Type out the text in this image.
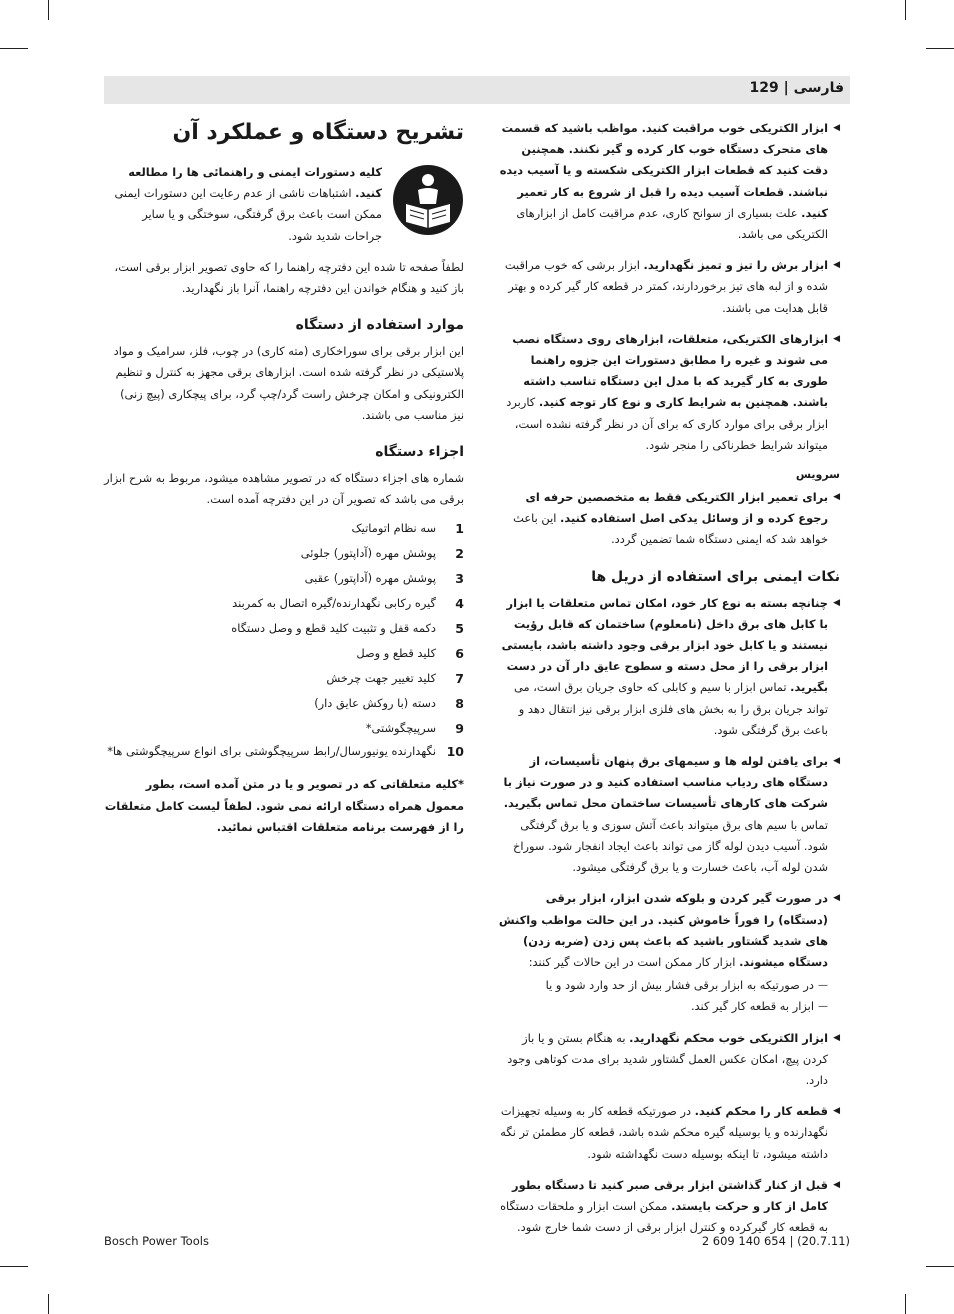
فارسی | 129

◀ ابزار الکتریکی خوب مراقبت کنید. مواظب باشید که قسمت های متحرک دستگاه خوب کار کرده و گیر نکنند. همچنین دقت کنید که قطعات ابزار الکتریکی شکسته و یا آسیب دیده نباشند. قطعات آسیب دیده را قبل از شروع به کار تعمیر کنید. علت بسیاری از سوانح کاری، عدم مراقبت کامل از ابزارهای الکتریکی می باشد.

◀ ابزار برش را تیز و تمیز نگهدارید. ابزار برشی که خوب مراقبت شده و از لبه های تیز برخوردارند، کمتر در قطعه کار گیر کرده و بهتر قابل هدایت می باشند.

◀ ابزارهای الکتریکی، متعلقات، ابزارهای روی دستگاه نصب می شوند و غیره را مطابق دستورات این جزوه راهنما طوری به کار گیرید که با مدل این دستگاه تناسب داشته باشند. همچنین به شرایط کاری و نوع کار توجه کنید. کاربرد ابزار برقی برای موارد کاری که برای آن در نظر گرفته نشده است، میتواند شرایط خطرناکی را منجر شود.

سرویس

◀ برای تعمیر ابزار الکتریکی فقط به متخصصین حرفه ای رجوع کرده و از وسائل یدکی اصل استفاده کنید. این باعث خواهد شد که ایمنی دستگاه شما تضمین گردد.

نکات ایمنی برای استفاده از دریل ها

◀ چنانچه بسته به نوع کار خود، امکان تماس متعلقات یا ابزار با کابل های برق داخل (نامعلوم) ساختمان که قابل رؤیت نیستند و یا کابل خود ابزار برقی وجود داشته باشد، بایستی ابزار برقی را از محل دسته و سطوح عایق دار آن در دست بگیرید. تماس ابزار با سیم و کابلی که حاوی جریان برق است، می تواند جریان برق را به بخش های فلزی ابزار برقی نیز انتقال دهد و باعث برق گرفتگی شود.

◀ برای یافتن لوله ها و سیمهای برق پنهان تأسیسات، از دستگاه های ردیاب مناسب استفاده کنید و در صورت نیاز با شرکت های کارهای تأسیسات ساختمان محل تماس بگیرید. تماس با سیم های برق میتواند باعث آتش سوزی و یا برق گرفتگی شود. آسیب دیدن لوله گاز می تواند باعث ایجاد انفجار شود. سوراخ شدن لوله آب، باعث خسارت و یا برق گرفتگی میشود.

◀ در صورت گیر کردن و بلوکه شدن ابزار، ابزار برقی (دستگاه) را فوراً خاموش کنید. در این حالت مواظب واکنش های شدید گشتاور باشید که باعث پس زدن (ضربه زدن) دستگاه میشوند. ابزار کار ممکن است در این حالات گیر کنند:

— در صورتیکه به ابزار برقی فشار بیش از حد وارد شود و یا

— ابزار به قطعه کار گیر کند.

◀ ابزار الکتریکی خوب محکم نگهدارید. به هنگام بستن و یا باز کردن پیچ، امکان عکس العمل گشتاور شدید برای مدت کوتاهی وجود دارد.

◀ قطعه کار را محکم کنید. در صورتیکه قطعه کار به وسیله تجهیزات نگهدارنده و یا بوسیله گیره محکم شده باشد، قطعه کار مطمئن تر نگه داشته میشود، تا اینکه بوسیله دست نگهداشته شود.

◀ قبل از کنار گذاشتن ابزار برقی صبر کنید تا دستگاه بطور کامل از کار و حرکت بایستد. ممکن است ابزار و ملحقات دستگاه به قطعه کار گیرکرده و کنترل ابزار برقی از دست شما خارج شود.

تشریح دستگاه و عملکرد آن

کلیه دستورات ایمنی و راهنمائی ها را مطالعه کنید. اشتباهات ناشی از عدم رعایت این دستورات ایمنی ممکن است باعث برق گرفتگی، سوختگی و یا سایر جراحات شدید شود.

لطفاً صفحه تا شده این دفترچه راهنما را که حاوی تصویر ابزار برقی است، باز کنید و هنگام خواندن این دفترچه راهنما، آنرا باز نگهدارید.

موارد استفاده از دستگاه

این ابزار برقی برای سوراخکاری (مته کاری) در چوب، فلز، سرامیک و مواد پلاستیکی در نظر گرفته شده است. ابزارهای برقی مجهز به کنترل و تنظیم الکترونیکی و امکان چرخش راست گرد/چپ گرد، برای پیچکاری (پیچ زنی) نیز مناسب می باشند.

اجزاء دستگاه

شماره های اجزاء دستگاه که در تصویر مشاهده میشود، مربوط به شرح ابزار برقی می باشد که تصویر آن در این دفترچه آمده است.

1
سه نظام اتوماتیک
2
پوشش مهره (آداپتور) جلوئی
3
پوشش مهره (آداپتور) عقبی
4
گیره رکابی نگهدارنده/گیره اتصال به کمربند
5
دکمه قفل و تثبیت کلید قطع و وصل دستگاه
6
کلید قطع و وصل
7
کلید تغییر جهت چرخش
8
دسته (با روکش عایق دار)
9
سرپیچگوشتی*
10
نگهدارنده یونیورسال/رابط سرپیچگوشتی برای انواع سرپیچگوشتی ها*

*کلیه متعلقاتی که در تصویر و یا در متن آمده است، بطور معمول همراه دستگاه ارائه نمی شود. لطفاً لیست کامل متعلقات را از فهرست برنامه متعلقات اقتباس نمائید.

Bosch Power Tools	2 609 140 654 | (20.7.11)
